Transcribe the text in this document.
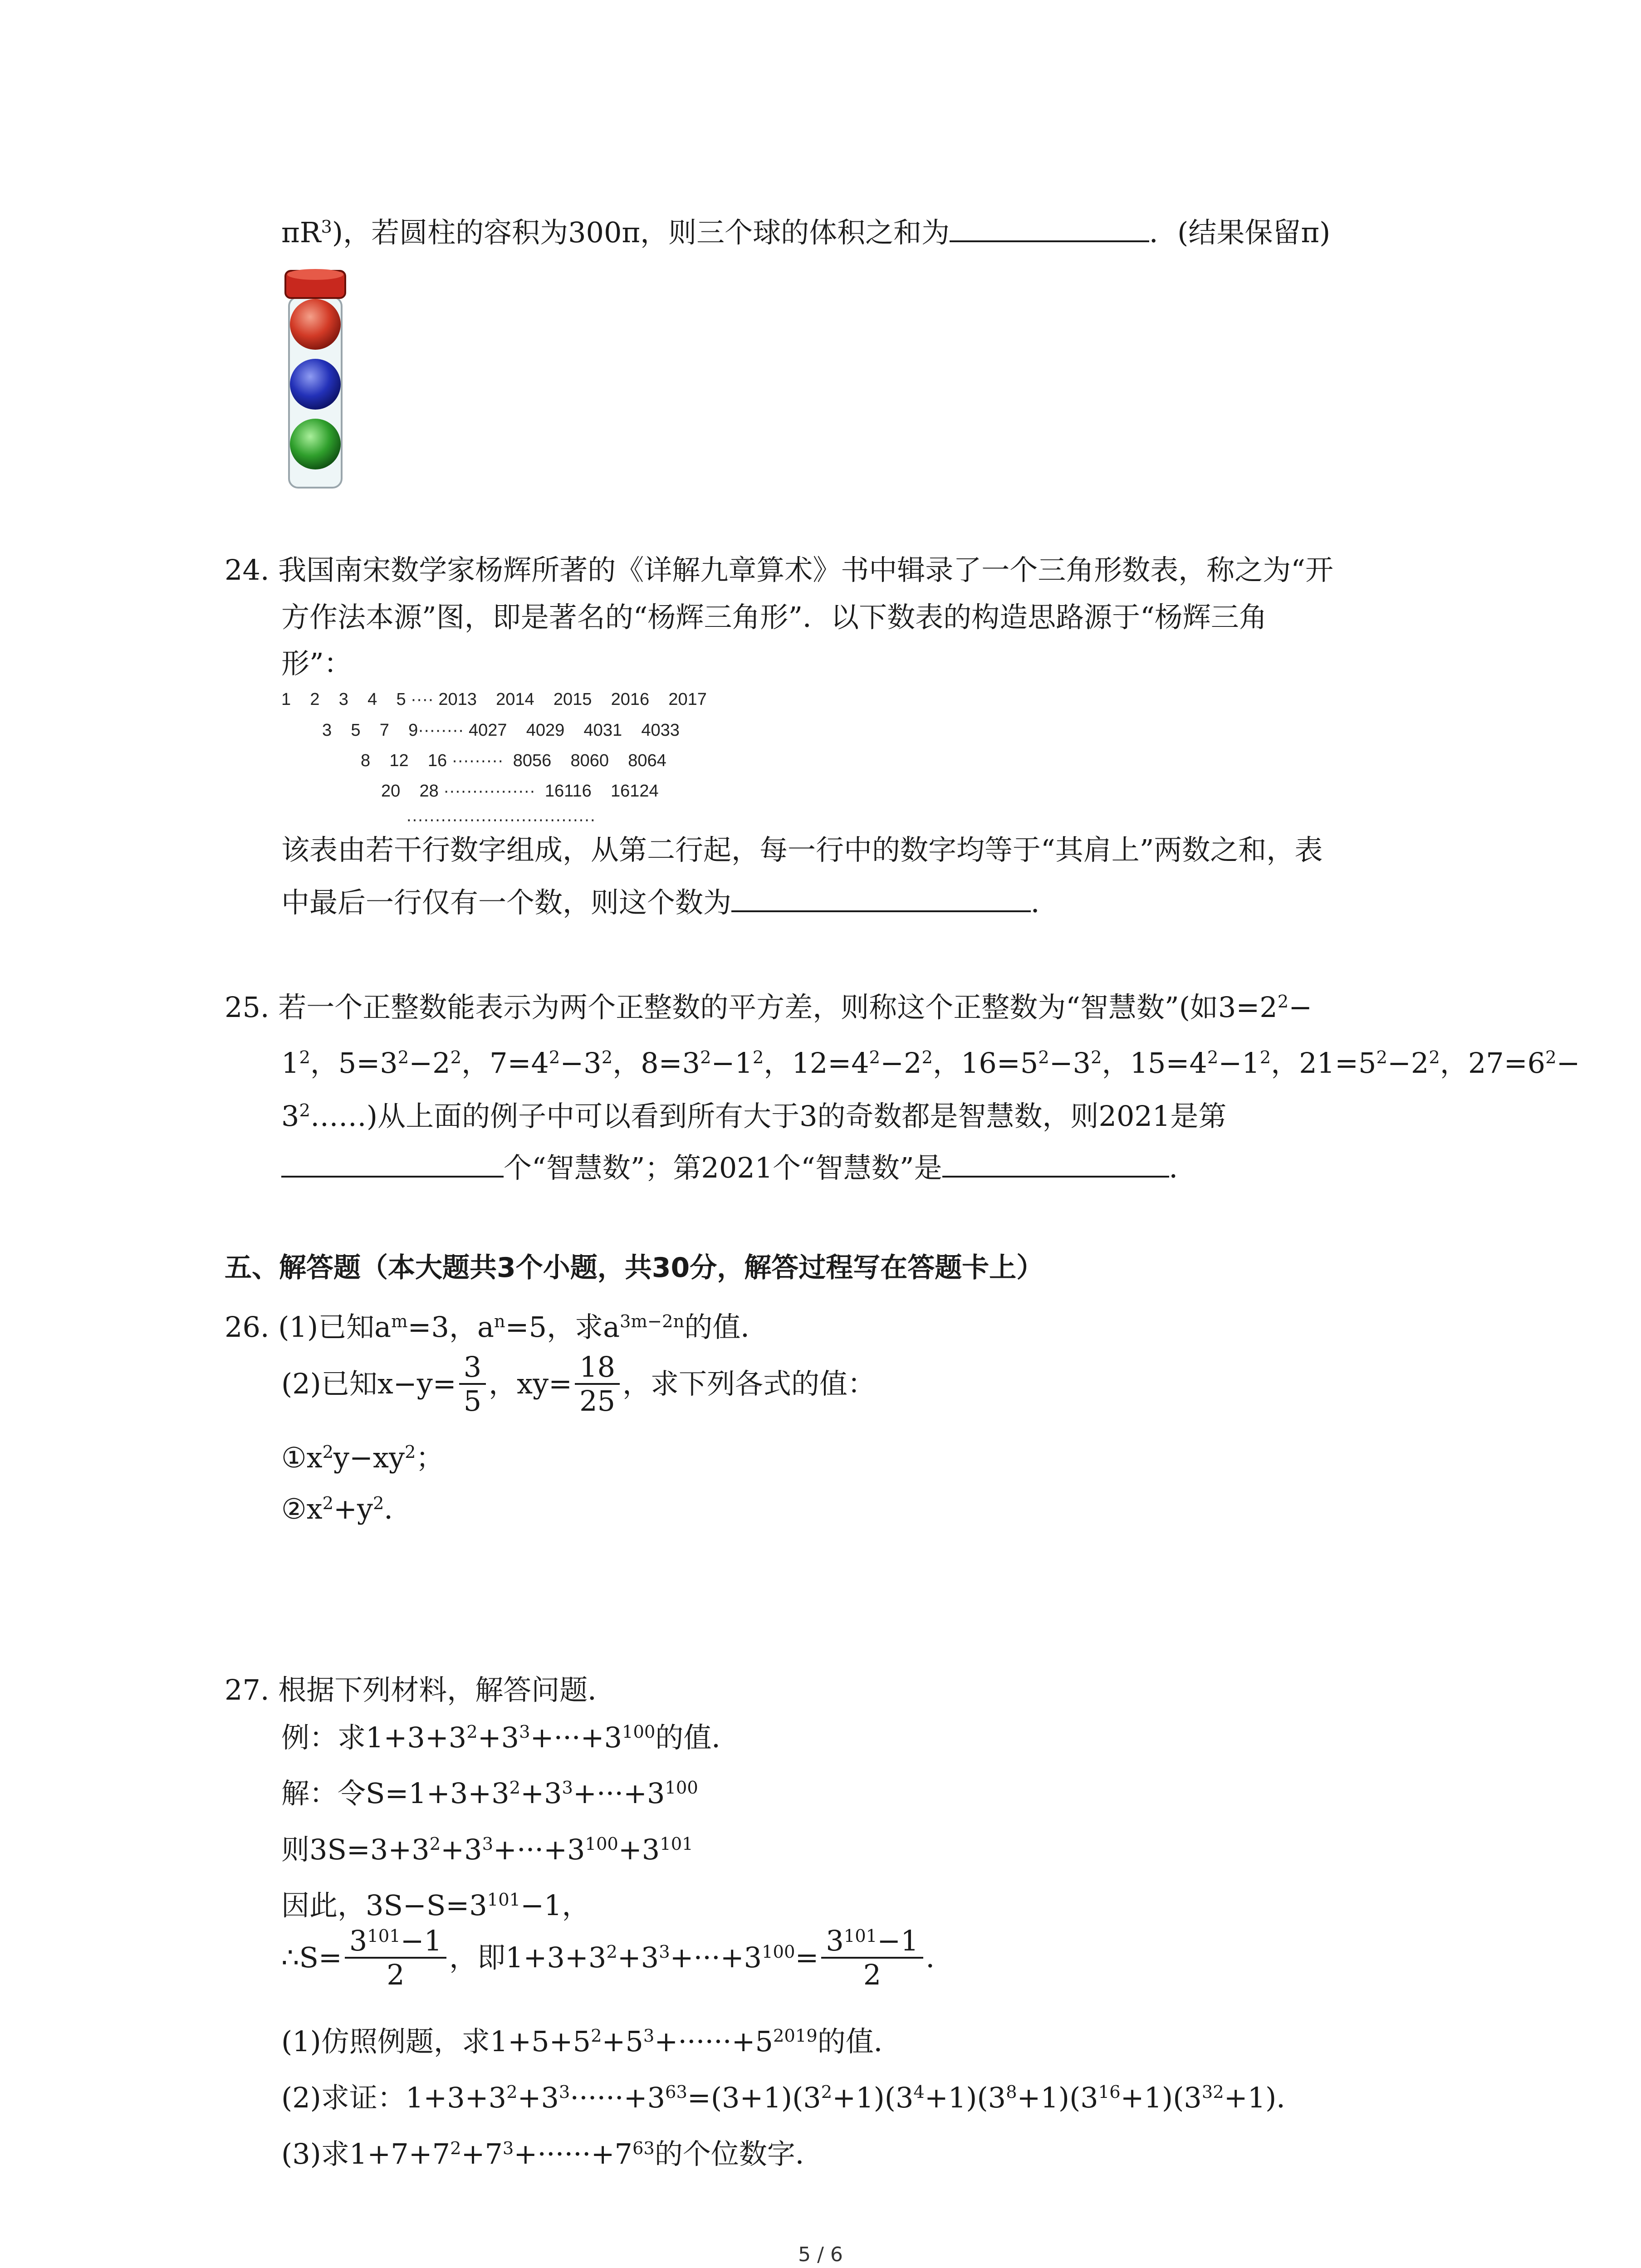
$\pi R^3$)，若圆柱的容积为300π，则三个球的体积之和为	．(结果保留π)
24. 我国南宋数学家杨辉所著的《详解九章算术》书中辑录了一个三角形数表，称之为“开
方作法本源”图，即是著名的“杨辉三角形”．以下数表的构造思路源于“杨辉三角
形”：
1    2    3    4    5 ···· 2013    2014    2015    2016    2017
3    5    7    9········ 4027    4029    4031    4033
8    12    16 ·········  8056    8060    8064
20    28 ················  16116    16124
·································
该表由若干行数字组成，从第二行起，每一行中的数字均等于“其肩上”两数之和，表
中最后一行仅有一个数，则这个数为	．
25. 若一个正整数能表示为两个正整数的平方差，则称这个正整数为“智慧数”(如$3=2^2-$
$1^2$，$5=3^2-2^2$，$7=4^2-3^2$，$8=3^2-1^2$，$12=4^2-2^2$，$16=5^2-3^2$，$15=4^2-1^2$，$21=5^2-2^2$，$27=6^2-$
$3^2\dots\dots$)从上面的例子中可以看到所有大于3的奇数都是智慧数，则2021是第
个“智慧数”；第2021个“智慧数”是	．
五、解答题（本大题共3个小题，共30分，解答过程写在答题卡上）
26. (1)已知$a^m=3$，$a^n=5$，求$a^{3m-2n}$的值．
(2)已知$x-y= \frac{3}{5}$ ，$xy= \frac{18}{25}$ ，求下列各式的值：
$①x^2y-xy^2$；
$②x^2+y^2$．
27. 根据下列材料，解答问题．
例：求$1+3+3^2+3^3+\cdot\cdot\cdot+3^{100}$的值．
解：令$S=1+3+3^2+3^3+\cdot\cdot\cdot+3^{100}$
则$3S=3+3^2+3^3+\cdot\cdot\cdot+3^{100}+3^{101}$
因此，$3S-S=3^{101}-1$，
∴S= $\frac{3^{101}-1}{2}$ ，即$1+3+3^2+3^3+\cdot\cdot\cdot+3^{100}= \frac{3^{101}-1}{2}$ ．
(1)仿照例题，求$1+5+5^2+5^3+\cdot\cdot\cdot\cdot\cdot\cdot+5^{2019}$的值．
(2)求证：$1+3+3^2+3^3\cdot\cdot\cdot\cdot\cdot\cdot+3^{63}=(3+1)(3^2+1)(3^4+1)(3^8+1)(3^{16}+1)(3^{32}+1)$．
(3)求$1+7+7^2+7^3+\cdot\cdot\cdot\cdot\cdot\cdot+7^{63}$的个位数字．
5 / 6
